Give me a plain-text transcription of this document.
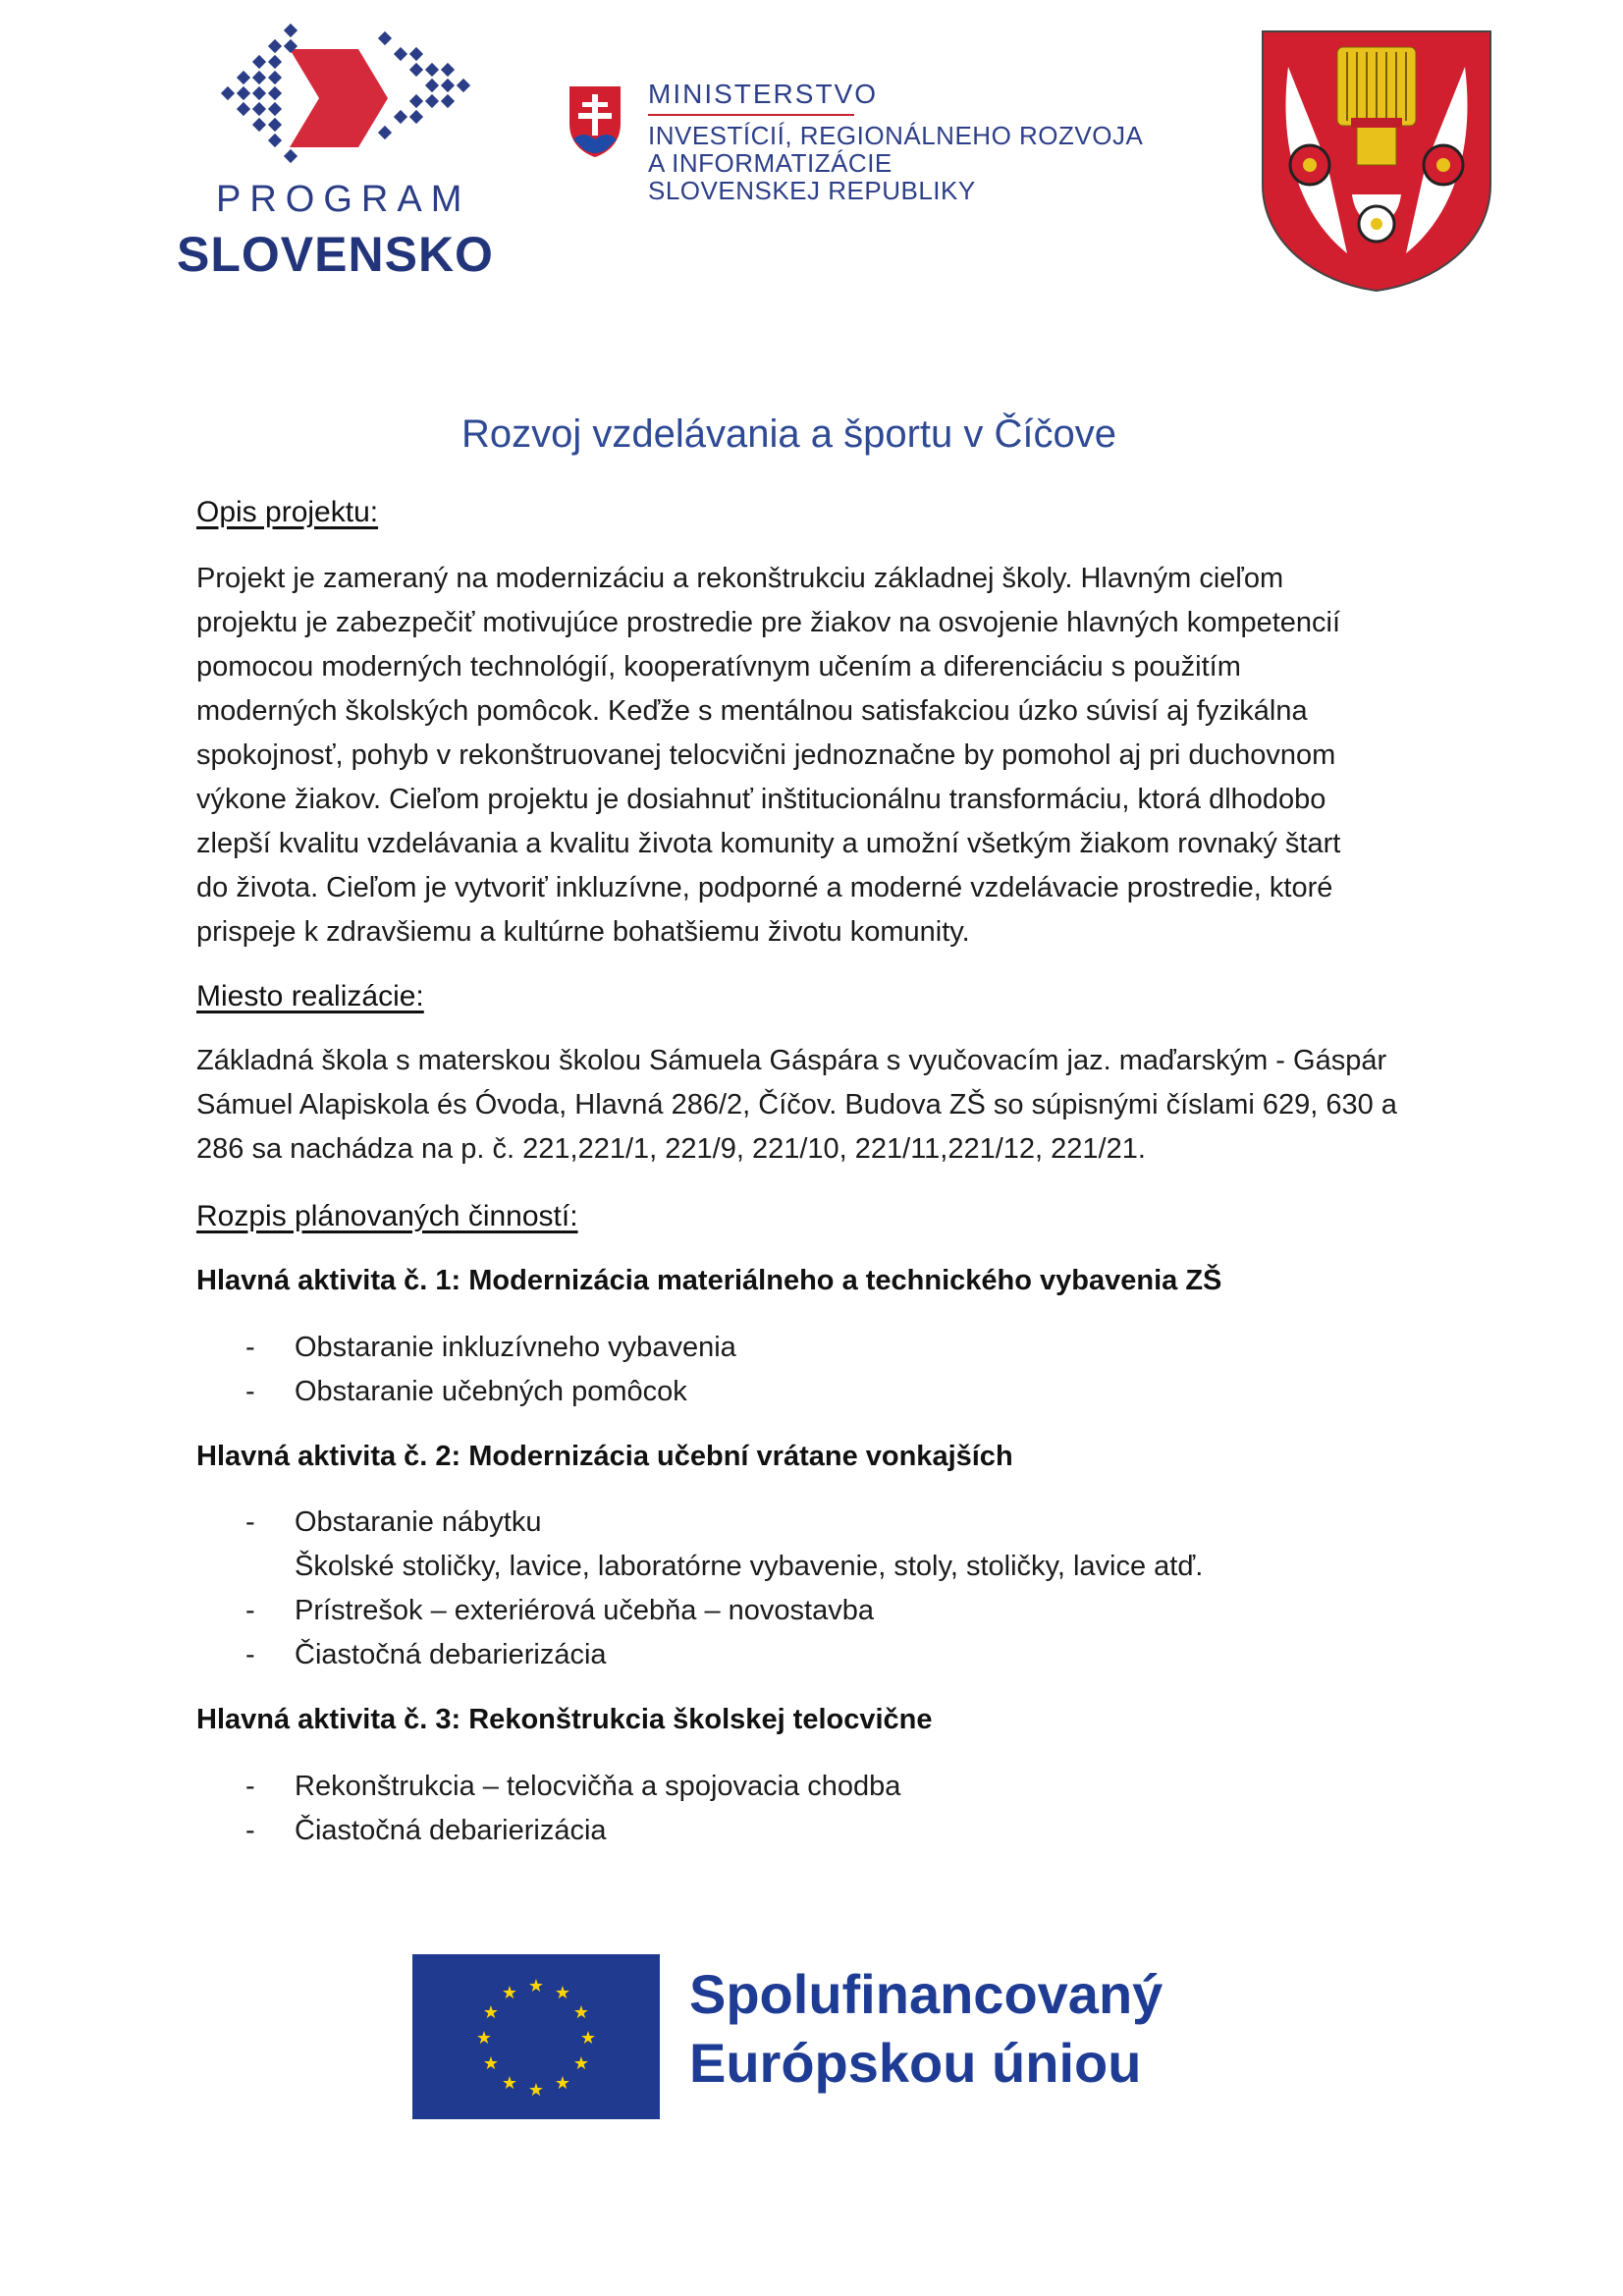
PROGRAM
SLOVENSKO
MINISTERSTVO
INVESTÍCIÍ, REGIONÁLNEHO ROZVOJA
A INFORMATIZÁCIE
SLOVENSKEJ REPUBLIKY
Rozvoj vzdelávania a športu v Číčove
Opis projektu:
Projekt je zameraný na modernizáciu a rekonštrukciu základnej školy. Hlavným cieľom
projektu je zabezpečiť motivujúce prostredie pre žiakov na osvojenie hlavných kompetencií
pomocou moderných technológií, kooperatívnym učením a diferenciáciu s použitím
moderných školských pomôcok. Keďže s mentálnou satisfakciou úzko súvisí aj fyzikálna
spokojnosť, pohyb v rekonštruovanej telocvični jednoznačne by pomohol aj pri duchovnom
výkone žiakov. Cieľom projektu je dosiahnuť inštitucionálnu transformáciu, ktorá dlhodobo
zlepší kvalitu vzdelávania a kvalitu života komunity a umožní všetkým žiakom rovnaký štart
do života. Cieľom je vytvoriť inkluzívne, podporné a moderné vzdelávacie prostredie, ktoré
prispeje k zdravšiemu a kultúrne bohatšiemu životu komunity.
Miesto realizácie:
Základná škola s materskou školou Sámuela Gáspára s vyučovacím jaz. maďarským - Gáspár
Sámuel Alapiskola és Óvoda, Hlavná 286/2, Číčov. Budova ZŠ so súpisnými číslami 629, 630 a
286 sa nachádza na p. č. 221,221/1, 221/9, 221/10, 221/11,221/12, 221/21.
Rozpis plánovaných činností:
Hlavná aktivita č. 1: Modernizácia materiálneho a technického vybavenia ZŠ
- Obstaranie inkluzívneho vybavenia
- Obstaranie učebných pomôcok
Hlavná aktivita č. 2: Modernizácia učební vrátane vonkajších
- Obstaranie nábytku
Školské stoličky, lavice, laboratórne vybavenie, stoly, stoličky, lavice atď.
- Prístrešok – exteriérová učebňa – novostavba
- Čiastočná debarierizácia
Hlavná aktivita č. 3: Rekonštrukcia školskej telocvične
- Rekonštrukcia – telocvičňa a spojovacia chodba
- Čiastočná debarierizácia
★ ★
★
★
★
★
★
★
★
★
★
★	Spolufinancovaný
Európskou úniou
